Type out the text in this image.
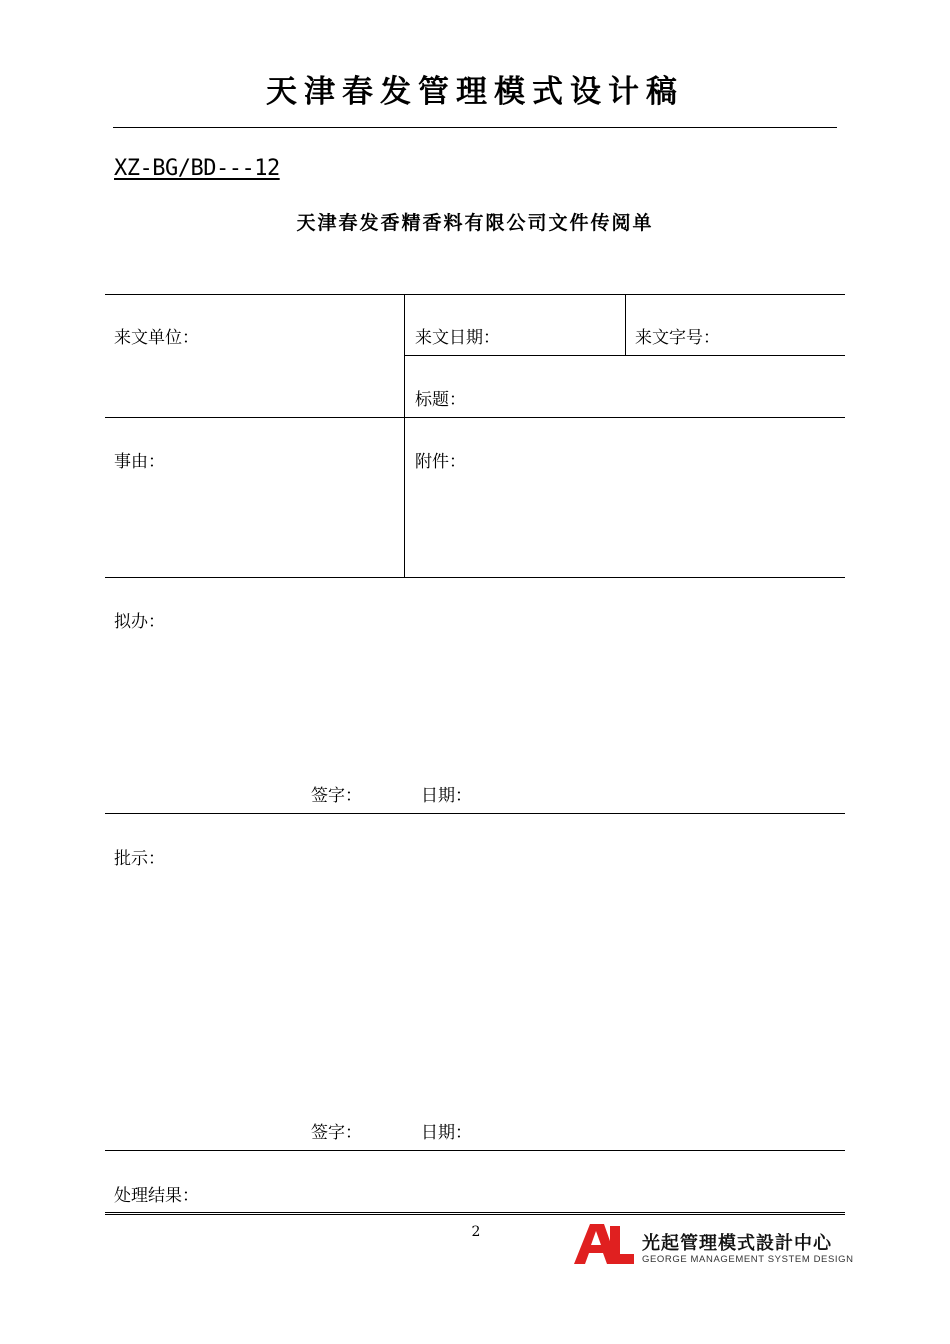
天津春发管理模式设计稿
XZ-BG/BD---12
天津春发香精香料有限公司文件传阅单
来文单位：	来文日期：	来文字号：
标题：
事由：	附件：
拟办：
签字：	日期：
批示：
签字：	日期：
处理结果：
2
光起管理模式設計中心
GEORGE MANAGEMENT SYSTEM DESIGN
